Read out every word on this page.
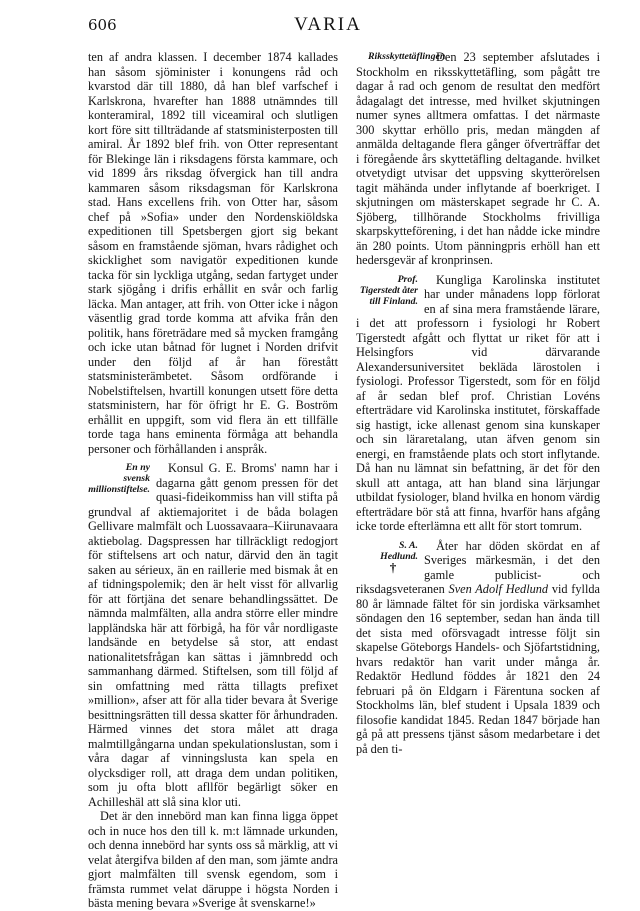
606	VARIA

ten af andra klassen. I december 1874 kallades han såsom sjöminister i konungens råd och kvarstod där till 1880, då han blef varfschef i Karlskrona, hvarefter han 1888 utnämndes till konteramiral, 1892 till viceamiral och slutligen kort före sitt tillträdande af statsministerposten till amiral. År 1892 blef frih. von Otter representant för Blekinge län i riksdagens första kammare, och vid 1899 års riksdag öfvergick han till andra kammaren såsom riksdagsman för Karlskrona stad. Hans excellens frih. von Otter har, såsom chef på »Sofia» under den Nordenskiöldska expeditionen till Spetsbergen gjort sig bekant såsom en framstående sjöman, hvars rådighet och skicklighet som navigatör expeditionen kunde tacka för sin lyckliga utgång, sedan fartyget under stark sjögång i drifis erhållit en svår och farlig läcka. Man antager, att frih. von Otter icke i någon väsentlig grad torde komma att afvika från den politik, hans företrädare med så mycken framgång och icke utan båtnad för lugnet i Norden drifvit under den följd af år han förestått statsministerämbetet. Såsom ordförande i Nobelstiftelsen, hvartill konungen utsett före detta statsministern, har för öfrigt hr E. G. Boström erhållit en uppgift, som vid flera än ett tillfälle torde taga hans eminenta förmåga att behandla personer och förhållanden i anspråk.

En ny svensk millionstiftelse.
Konsul G. E. Broms' namn har i dagarna gått genom pressen för det quasi-fideikommiss han vill stifta på grundval af aktiemajoritet i de båda bolagen Gellivare malmfält och Luossavaara–Kiirunavaara aktiebolag. Dagspressen har tillräckligt redogjort för stiftelsens art och natur, därvid den än tagit saken au sérieux, än en raillerie med bismak åt en af tidningspolemik; den är helt visst för allvarlig för att förtjäna det senare behandlingssättet. De nämnda malmfälten, alla andra större eller mindre lappländska här att förbigå, ha för vår nordligaste landsände en betydelse så stor, att endast nationalitetsfrågan kan sättas i jämnbredd och sammanhang därmed. Stiftelsen, som till följd af sin omfattning med rätta tillagts prefixet »million», afser att för alla tider bevara åt Sverige besittningsrätten till dessa skatter för århundraden. Härmed vinnes det stora målet att draga malmtillgångarna undan spekulationslustan, som i våra dagar af vinningslusta kan spela en olycksdiger roll, att draga dem undan politiken, som ju ofta blott afllför begärligt söker en Achilleshäl att slå sina klor uti.

Det är den innebörd man kan finna ligga öppet och in nuce hos den till k. m:t lämnade urkunden, och denna innebörd har synts oss så märklig, att vi velat återgifva bilden af den man, som jämte andra gjort malmfälten till svensk egendom, som i främsta rummet velat däruppe i högsta Norden i bästa mening bevara »Sverige åt svenskarne!»

Riksskyttetäflingen.
Den 23 september afslutades i Stockholm en riksskyttetäfling, som pågått tre dagar å rad och genom de resultat den medfört ådagalagt det intresse, med hvilket skjutningen numer synes alltmera omfattas. I det närmaste 300 skyttar erhöllo pris, medan mängden af anmälda deltagande flera gånger öfverträffar det i föregående års skyttetäfling deltagande. hvilket otvetydigt utvisar det uppsving skytterörelsen tagit mähända under inflytande af boerkriget. I skjutningen om mästerskapet segrade hr C. A. Sjöberg, tillhörande Stockholms frivilliga skarpskytteförening, i det han nådde icke mindre än 280 points. Utom pänningpris erhöll han ett hedersgevär af kronprinsen.

Prof. Tigerstedt åter till Finland.
Kungliga Karolinska institutet har under månadens lopp förlorat en af sina mera framstående lärare, i det att professorn i fysiologi hr Robert Tigerstedt afgått och flyttat ur riket för att i Helsingfors vid därvarande Alexandersuniversitet bekläda lärostolen i fysiologi. Professor Tigerstedt, som för en följd af år sedan blef prof. Christian Lovéns efterträdare vid Karolinska institutet, förskaffade sig hastigt, icke allenast genom sina kunskaper och sin läraretalang, utan äfven genom sin energi, en framstående plats och stort inflytande. Då han nu lämnat sin befattning, är det för den skull att antaga, att han bland sina lärjungar utbildat fysiologer, bland hvilka en honom värdig efterträdare bör stå att finna, hvarför hans afgång icke torde efterlämna ett allt för stort tomrum.

S. A. Hedlund.
†
Åter har döden skördat en af Sveriges märkesmän, i det den gamle publicist- och riksdagsveteranen Sven Adolf Hedlund vid fyllda 80 år lämnade fältet för sin jordiska värksamhet söndagen den 16 september, sedan han ända till det sista med oförsvagadt intresse följt sin skapelse Göteborgs Handels- och Sjöfartstidning, hvars redaktör han varit under många år. Redaktör Hedlund föddes år 1821 den 24 februari på ön Eldgarn i Färentuna socken af Stockholms län, blef student i Upsala 1839 och filosofie kandidat 1845. Redan 1847 började han gå på att pressens tjänst såsom medarbetare i det på den ti-
